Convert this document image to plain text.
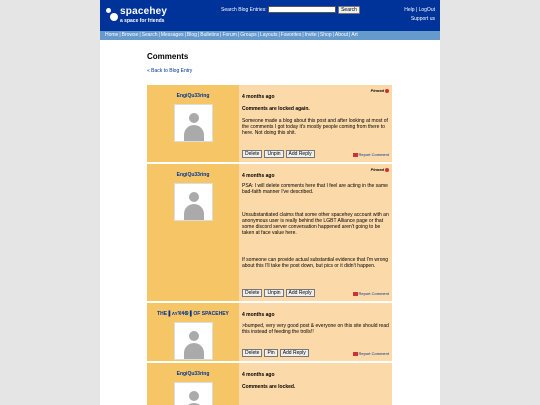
spacehey
a space for friends
Search Blog Entries:	Search	Help | LogOut
Support us
Home|Browse|Search|Messages|Blog|Bulletins|Forum|Groups|Layouts|Favorites|Invite|Shop|About|Art
Comments
« Back to Blog Entry
EngiQu33ring
Pinned
4 months ago
Comments are locked again.
Someone made a blog about this post and after looking at most of the comments I got today it's mostly people coming from there to here. Not doing this shit.
Delete	Unpin	Add Reply	Report Comment
EngiQu33ring
Pinned
4 months ago
PSA: I will delete comments here that I feel are acting in the same bad-faith manner I've described.
Unsubstantiated claims that some other spacehey account with an anonymous user is really behind the LGBT Alliance page or that some discord server conversation happened aren't going to be taken at face value here.
If someone can provide actual substantial evidence that I'm wrong about this I'll take the post down, but pics or it didn't happen.
Delete	Unpin	Add Reply	Report Comment
THE ▌ʌʏҠᏎᏫ ▌OF SPACEHEY	4 months ago
>bumped, very very good post & everyone on this site should read this instead of feeding the trolls!!
Delete	Pin	Add Reply	Report Comment
EngiQu33ring	4 months ago
Comments are locked.
